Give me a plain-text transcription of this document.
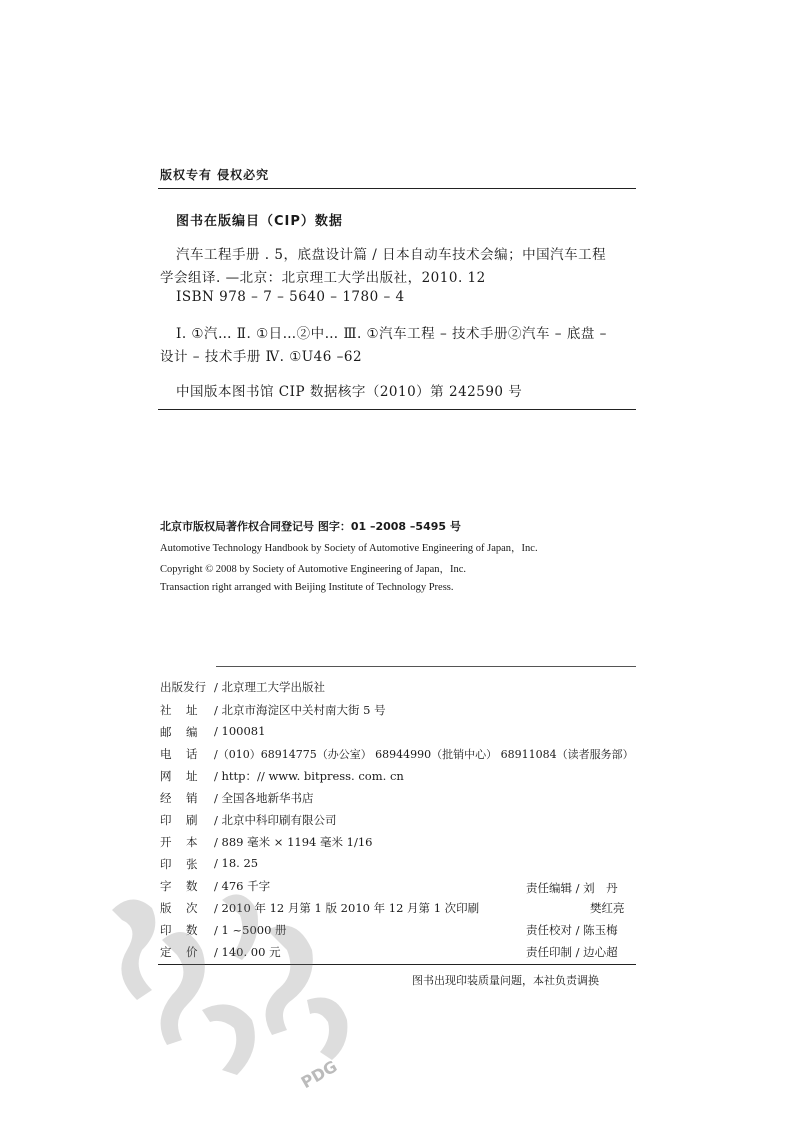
版权专有 侵权必究
图书在版编目（CIP）数据
汽车工程手册 . 5，底盘设计篇 / 日本自动车技术会编；中国汽车工程
学会组译. —北京：北京理工大学出版社，2010. 12
ISBN 978 – 7 – 5640 – 1780 – 4
Ⅰ. ①汽… Ⅱ. ①日…②中… Ⅲ. ①汽车工程 – 技术手册②汽车 – 底盘 –
设计 – 技术手册 Ⅳ. ①U46 –62
中国版本图书馆 CIP 数据核字（2010）第 242590 号
北京市版权局著作权合同登记号 图字：01 –2008 –5495 号
Automotive Technology Handbook by Society of Automotive Engineering of Japan，Inc.
Copyright © 2008 by Society of Automotive Engineering of Japan，Inc.
Transaction right arranged with Beijing Institute of Technology Press.
出版发行 / 北京理工大学出版社
社 址 / 北京市海淀区中关村南大街 5 号
邮 编 / 100081
电 话 /（010）68914775（办公室） 68944990（批销中心） 68911084（读者服务部）
网 址 / http：// www. bitpress. com. cn
经 销 / 全国各地新华书店
印 刷 / 北京中科印刷有限公司
开 本 / 889 毫米 × 1194 毫米 1/16
印 张 / 18. 25
字 数 / 476 千字
版 次 / 2010 年 12 月第 1 版 2010 年 12 月第 1 次印刷
印 数 / 1 ~5000 册
定 价 / 140. 00 元
责任编辑 / 刘　丹
樊红亮
责任校对 / 陈玉梅
责任印制 / 边心超
图书出现印装质量问题，本社负责调换
PDG
